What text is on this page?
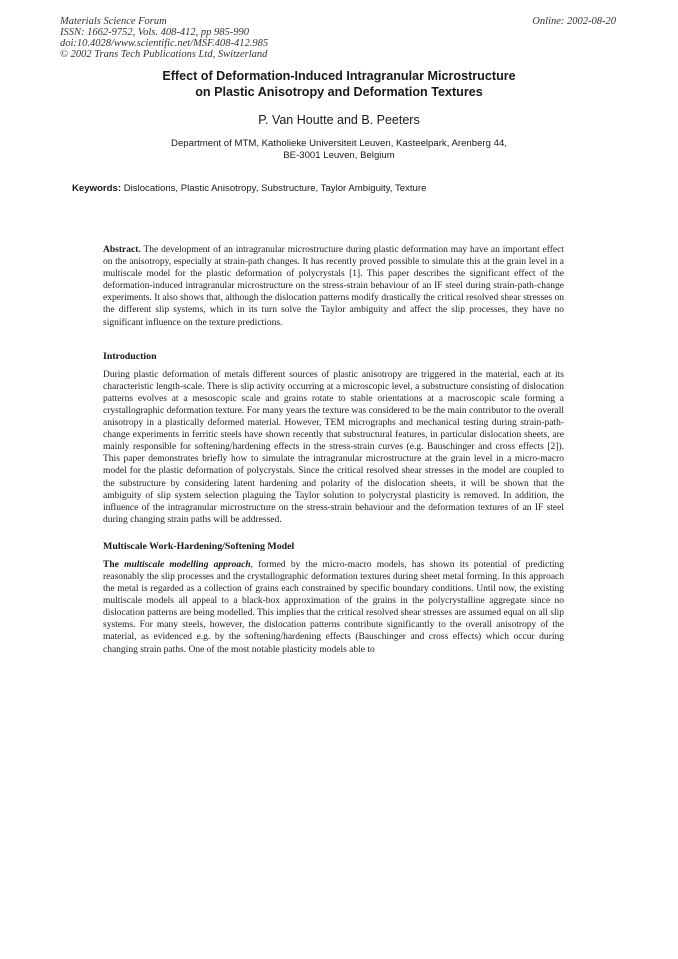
Materials Science Forum
ISSN: 1662-9752, Vols. 408-412, pp 985-990
doi:10.4028/www.scientific.net/MSF.408-412.985
© 2002 Trans Tech Publications Ltd, Switzerland
Online: 2002-08-20
Effect of Deformation-Induced Intragranular Microstructure
on Plastic Anisotropy and Deformation Textures
P. Van Houtte and B. Peeters
Department of MTM, Katholieke Universiteit Leuven, Kasteelpark, Arenberg 44,
BE-3001 Leuven, Belgium
Keywords: Dislocations, Plastic Anisotropy, Substructure, Taylor Ambiguity, Texture

Abstract. The development of an intragranular microstructure during plastic deformation may have an important effect on the anisotropy, especially at strain-path changes. It has recently proved possible to simulate this at the grain level in a multiscale model for the plastic deformation of polycrystals [1]. This paper describes the significant effect of the deformation-induced intragranular microstructure on the stress-strain behaviour of an IF steel during strain-path-change experiments. It also shows that, although the dislocation patterns modify drastically the critical resolved shear stresses on the different slip systems, which in its turn solve the Taylor ambiguity and affect the slip processes, they have no significant influence on the texture predictions.

Introduction

During plastic deformation of metals different sources of plastic anisotropy are triggered in the material, each at its characteristic length-scale. There is slip activity occurring at a microscopic level, a substructure consisting of dislocation patterns evolves at a mesoscopic scale and grains rotate to stable orientations at a macroscopic scale forming a crystallographic deformation texture. For many years the texture was considered to be the main contributor to the overall anisotropy in a plastically deformed material. However, TEM micrographs and mechanical testing during strain-path-change experiments in ferritic steels have shown recently that substructural features, in particular dislocation sheets, are mainly responsible for softening/hardening effects in the stress-strain curves (e.g. Bauschinger and cross effects [2]). This paper demonstrates briefly how to simulate the intragranular microstructure at the grain level in a micro-macro model for the plastic deformation of polycrystals. Since the critical resolved shear stresses in the model are coupled to the substructure by considering latent hardening and polarity of the dislocation sheets, it will be shown that the ambiguity of slip system selection plaguing the Taylor solution to polycrystal plasticity is removed. In addition, the influence of the intragranular microstructure on the stress-strain behaviour and the deformation textures of an IF steel during changing strain paths will be addressed.

Multiscale Work-Hardening/Softening Model

The multiscale modelling approach, formed by the micro-macro models, has shown its potential of predicting reasonably the slip processes and the crystallographic deformation textures during sheet metal forming. In this approach the metal is regarded as a collection of grains each constrained by specific boundary conditions. Until now, the existing multiscale models all appeal to a black-box approximation of the grains in the polycrystalline aggregate since no dislocation patterns are being modelled. This implies that the critical resolved shear stresses are assumed equal on all slip systems. For many steels, however, the dislocation patterns contribute significantly to the overall anisotropy of the material, as evidenced e.g. by the softening/hardening effects (Bauschinger and cross effects) which occur during changing strain paths. One of the most notable plasticity models able to
